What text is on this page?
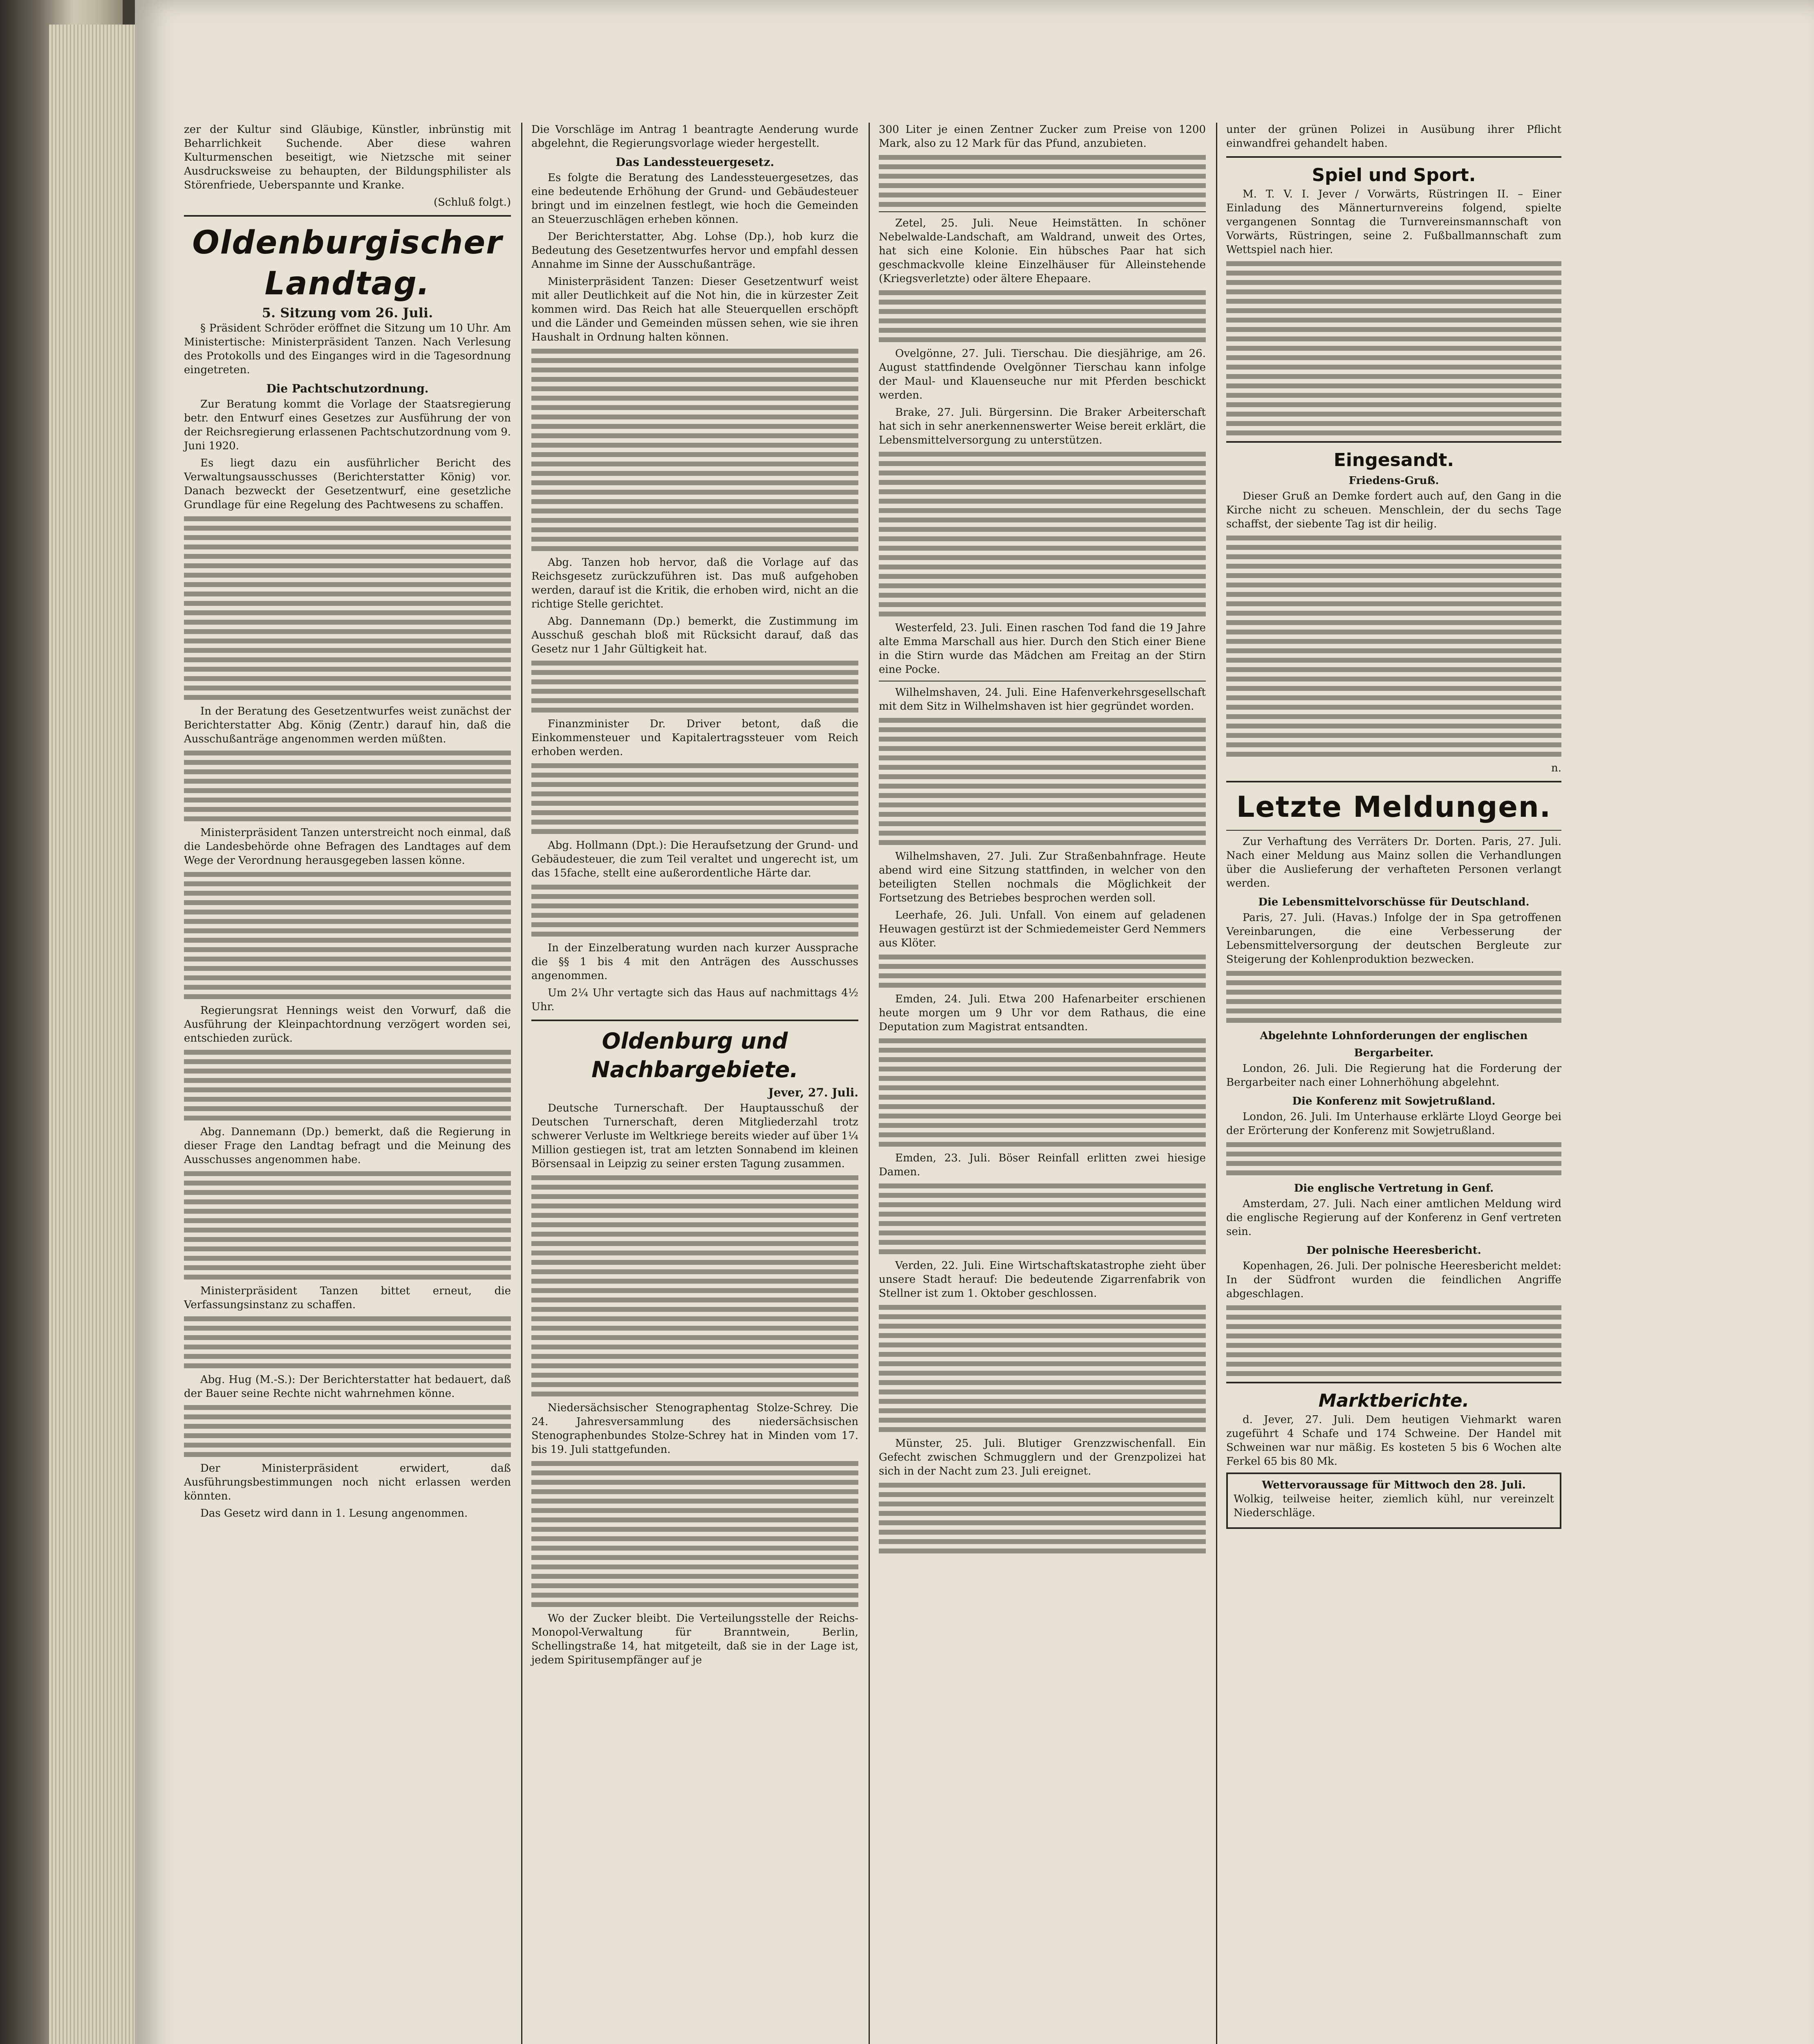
zer der Kultur sind Gläubige, Künstler, inbrünstig mit Beharrlichkeit Suchende. Aber diese wahren Kulturmenschen beseitigt, wie Nietzsche mit seiner Ausdrucksweise zu behaupten, der Bildungsphilister als Störenfriede, Ueberspannte und Kranke.

(Schluß folgt.)
Oldenburgischer Landtag.
5. Sitzung vom 26. Juli.

§ Präsident Schröder eröffnet die Sitzung um 10 Uhr. Am Ministertische: Ministerpräsident Tanzen. Nach Verlesung des Protokolls und des Einganges wird in die Tagesordnung eingetreten.

Die Pachtschutzordnung.

Zur Beratung kommt die Vorlage der Staatsregierung betr. den Entwurf eines Gesetzes zur Ausführung der von der Reichsregierung erlassenen Pachtschutzordnung vom 9. Juni 1920.

Es liegt dazu ein ausführlicher Bericht des Verwaltungsausschusses (Berichterstatter König) vor. Danach bezweckt der Gesetzentwurf, eine gesetzliche Grundlage für eine Regelung des Pachtwesens zu schaffen.

In der Beratung des Gesetzentwurfes weist zunächst der Berichterstatter Abg. König (Zentr.) darauf hin, daß die Ausschußanträge angenommen werden müßten.

Ministerpräsident Tanzen unterstreicht noch einmal, daß die Landesbehörde ohne Befragen des Landtages auf dem Wege der Verordnung herausgegeben lassen könne.

Regierungsrat Hennings weist den Vorwurf, daß die Ausführung der Kleinpachtordnung verzögert worden sei, entschieden zurück.

Abg. Dannemann (Dp.) bemerkt, daß die Regierung in dieser Frage den Landtag befragt und die Meinung des Ausschusses angenommen habe.

Ministerpräsident Tanzen bittet erneut, die Verfassungsinstanz zu schaffen.

Abg. Hug (M.-S.): Der Berichterstatter hat bedauert, daß der Bauer seine Rechte nicht wahrnehmen könne.

Der Ministerpräsident erwidert, daß Ausführungsbestimmungen noch nicht erlassen werden könnten.

Das Gesetz wird dann in 1. Lesung angenommen.

Die Vorschläge im Antrag 1 beantragte Aenderung wurde abgelehnt, die Regierungsvorlage wieder hergestellt.

Das Landessteuergesetz.

Es folgte die Beratung des Landessteuergesetzes, das eine bedeutende Erhöhung der Grund- und Gebäudesteuer bringt und im einzelnen festlegt, wie hoch die Gemeinden an Steuerzuschlägen erheben können.

Der Berichterstatter, Abg. Lohse (Dp.), hob kurz die Bedeutung des Gesetzentwurfes hervor und empfahl dessen Annahme im Sinne der Ausschußanträge.

Ministerpräsident Tanzen: Dieser Gesetzentwurf weist mit aller Deutlichkeit auf die Not hin, die in kürzester Zeit kommen wird. Das Reich hat alle Steuerquellen erschöpft und die Länder und Gemeinden müssen sehen, wie sie ihren Haushalt in Ordnung halten können.

Abg. Tanzen hob hervor, daß die Vorlage auf das Reichsgesetz zurückzuführen ist. Das muß aufgehoben werden, darauf ist die Kritik, die erhoben wird, nicht an die richtige Stelle gerichtet.

Abg. Dannemann (Dp.) bemerkt, die Zustimmung im Ausschuß geschah bloß mit Rücksicht darauf, daß das Gesetz nur 1 Jahr Gültigkeit hat.

Finanzminister Dr. Driver betont, daß die Einkommensteuer und Kapitalertragssteuer vom Reich erhoben werden.

Abg. Hollmann (Dpt.): Die Heraufsetzung der Grund- und Gebäudesteuer, die zum Teil veraltet und ungerecht ist, um das 15fache, stellt eine außerordentliche Härte dar.

In der Einzelberatung wurden nach kurzer Aussprache die §§ 1 bis 4 mit den Anträgen des Ausschusses angenommen.

Um 2¼ Uhr vertagte sich das Haus auf nachmittags 4½ Uhr.

Oldenburg und Nachbargebiete.
Jever, 27. Juli.

Deutsche Turnerschaft. Der Hauptausschuß der Deutschen Turnerschaft, deren Mitgliederzahl trotz schwerer Verluste im Weltkriege bereits wieder auf über 1¼ Million gestiegen ist, trat am letzten Sonnabend im kleinen Börsensaal in Leipzig zu seiner ersten Tagung zusammen.

Niedersächsischer Stenographentag Stolze-Schrey. Die 24. Jahresversammlung des niedersächsischen Stenographenbundes Stolze-Schrey hat in Minden vom 17. bis 19. Juli stattgefunden.

Wo der Zucker bleibt. Die Verteilungsstelle der Reichs-Monopol-Verwaltung für Branntwein, Berlin, Schellingstraße 14, hat mitgeteilt, daß sie in der Lage ist, jedem Spiritusempfänger auf je

300 Liter je einen Zentner Zucker zum Preise von 1200 Mark, also zu 12 Mark für das Pfund, anzubieten.

Zetel, 25. Juli. Neue Heimstätten. In schöner Nebelwalde-Landschaft, am Waldrand, unweit des Ortes, hat sich eine Kolonie. Ein hübsches Paar hat sich geschmackvolle kleine Einzelhäuser für Alleinstehende (Kriegsverletzte) oder ältere Ehepaare.

Ovelgönne, 27. Juli. Tierschau. Die diesjährige, am 26. August stattfindende Ovelgönner Tierschau kann infolge der Maul- und Klauenseuche nur mit Pferden beschickt werden.

Brake, 27. Juli. Bürgersinn. Die Braker Arbeiterschaft hat sich in sehr anerkennenswerter Weise bereit erklärt, die Lebensmittelversorgung zu unterstützen.

Westerfeld, 23. Juli. Einen raschen Tod fand die 19 Jahre alte Emma Marschall aus hier. Durch den Stich einer Biene in die Stirn wurde das Mädchen am Freitag an der Stirn eine Pocke.

Wilhelmshaven, 24. Juli. Eine Hafenverkehrsgesellschaft mit dem Sitz in Wilhelmshaven ist hier gegründet worden.

Wilhelmshaven, 27. Juli. Zur Straßenbahnfrage. Heute abend wird eine Sitzung stattfinden, in welcher von den beteiligten Stellen nochmals die Möglichkeit der Fortsetzung des Betriebes besprochen werden soll.

Leerhafe, 26. Juli. Unfall. Von einem auf geladenen Heuwagen gestürzt ist der Schmiedemeister Gerd Nemmers aus Klöter.

Emden, 24. Juli. Etwa 200 Hafenarbeiter erschienen heute morgen um 9 Uhr vor dem Rathaus, die eine Deputation zum Magistrat entsandten.

Emden, 23. Juli. Böser Reinfall erlitten zwei hiesige Damen.

Verden, 22. Juli. Eine Wirtschaftskatastrophe zieht über unsere Stadt herauf: Die bedeutende Zigarrenfabrik von Stellner ist zum 1. Oktober geschlossen.

Münster, 25. Juli. Blutiger Grenzzwischenfall. Ein Gefecht zwischen Schmugglern und der Grenzpolizei hat sich in der Nacht zum 23. Juli ereignet.

unter der grünen Polizei in Ausübung ihrer Pflicht einwandfrei gehandelt haben.

Spiel und Sport.

M. T. V. I. Jever / Vorwärts, Rüstringen II. – Einer Einladung des Männerturnvereins folgend, spielte vergangenen Sonntag die Turnvereinsmannschaft von Vorwärts, Rüstringen, seine 2. Fußballmannschaft zum Wettspiel nach hier.

Eingesandt.
Friedens-Gruß.

Dieser Gruß an Demke fordert auch auf, den Gang in die Kirche nicht zu scheuen. Menschlein, der du sechs Tage schaffst, der siebente Tag ist dir heilig.

n.
Letzte Meldungen.

Zur Verhaftung des Verräters Dr. Dorten. Paris, 27. Juli. Nach einer Meldung aus Mainz sollen die Verhandlungen über die Auslieferung der verhafteten Personen verlangt werden.

Die Lebensmittelvorschüsse für Deutschland.

Paris, 27. Juli. (Havas.) Infolge der in Spa getroffenen Vereinbarungen, die eine Verbesserung der Lebensmittelversorgung der deutschen Bergleute zur Steigerung der Kohlenproduktion bezwecken.

Abgelehnte Lohnforderungen der englischen Bergarbeiter.

London, 26. Juli. Die Regierung hat die Forderung der Bergarbeiter nach einer Lohnerhöhung abgelehnt.

Die Konferenz mit Sowjetrußland.

London, 26. Juli. Im Unterhause erklärte Lloyd George bei der Erörterung der Konferenz mit Sowjetrußland.

Die englische Vertretung in Genf.

Amsterdam, 27. Juli. Nach einer amtlichen Meldung wird die englische Regierung auf der Konferenz in Genf vertreten sein.

Der polnische Heeresbericht.

Kopenhagen, 26. Juli. Der polnische Heeresbericht meldet: In der Südfront wurden die feindlichen Angriffe abgeschlagen.

Marktberichte.

d. Jever, 27. Juli. Dem heutigen Viehmarkt waren zugeführt 4 Schafe und 174 Schweine. Der Handel mit Schweinen war nur mäßig. Es kosteten 5 bis 6 Wochen alte Ferkel 65 bis 80 Mk.

Wettervoraussage für Mittwoch den 28. Juli.
Wolkig, teilweise heiter, ziemlich kühl, nur vereinzelt Niederschläge.
